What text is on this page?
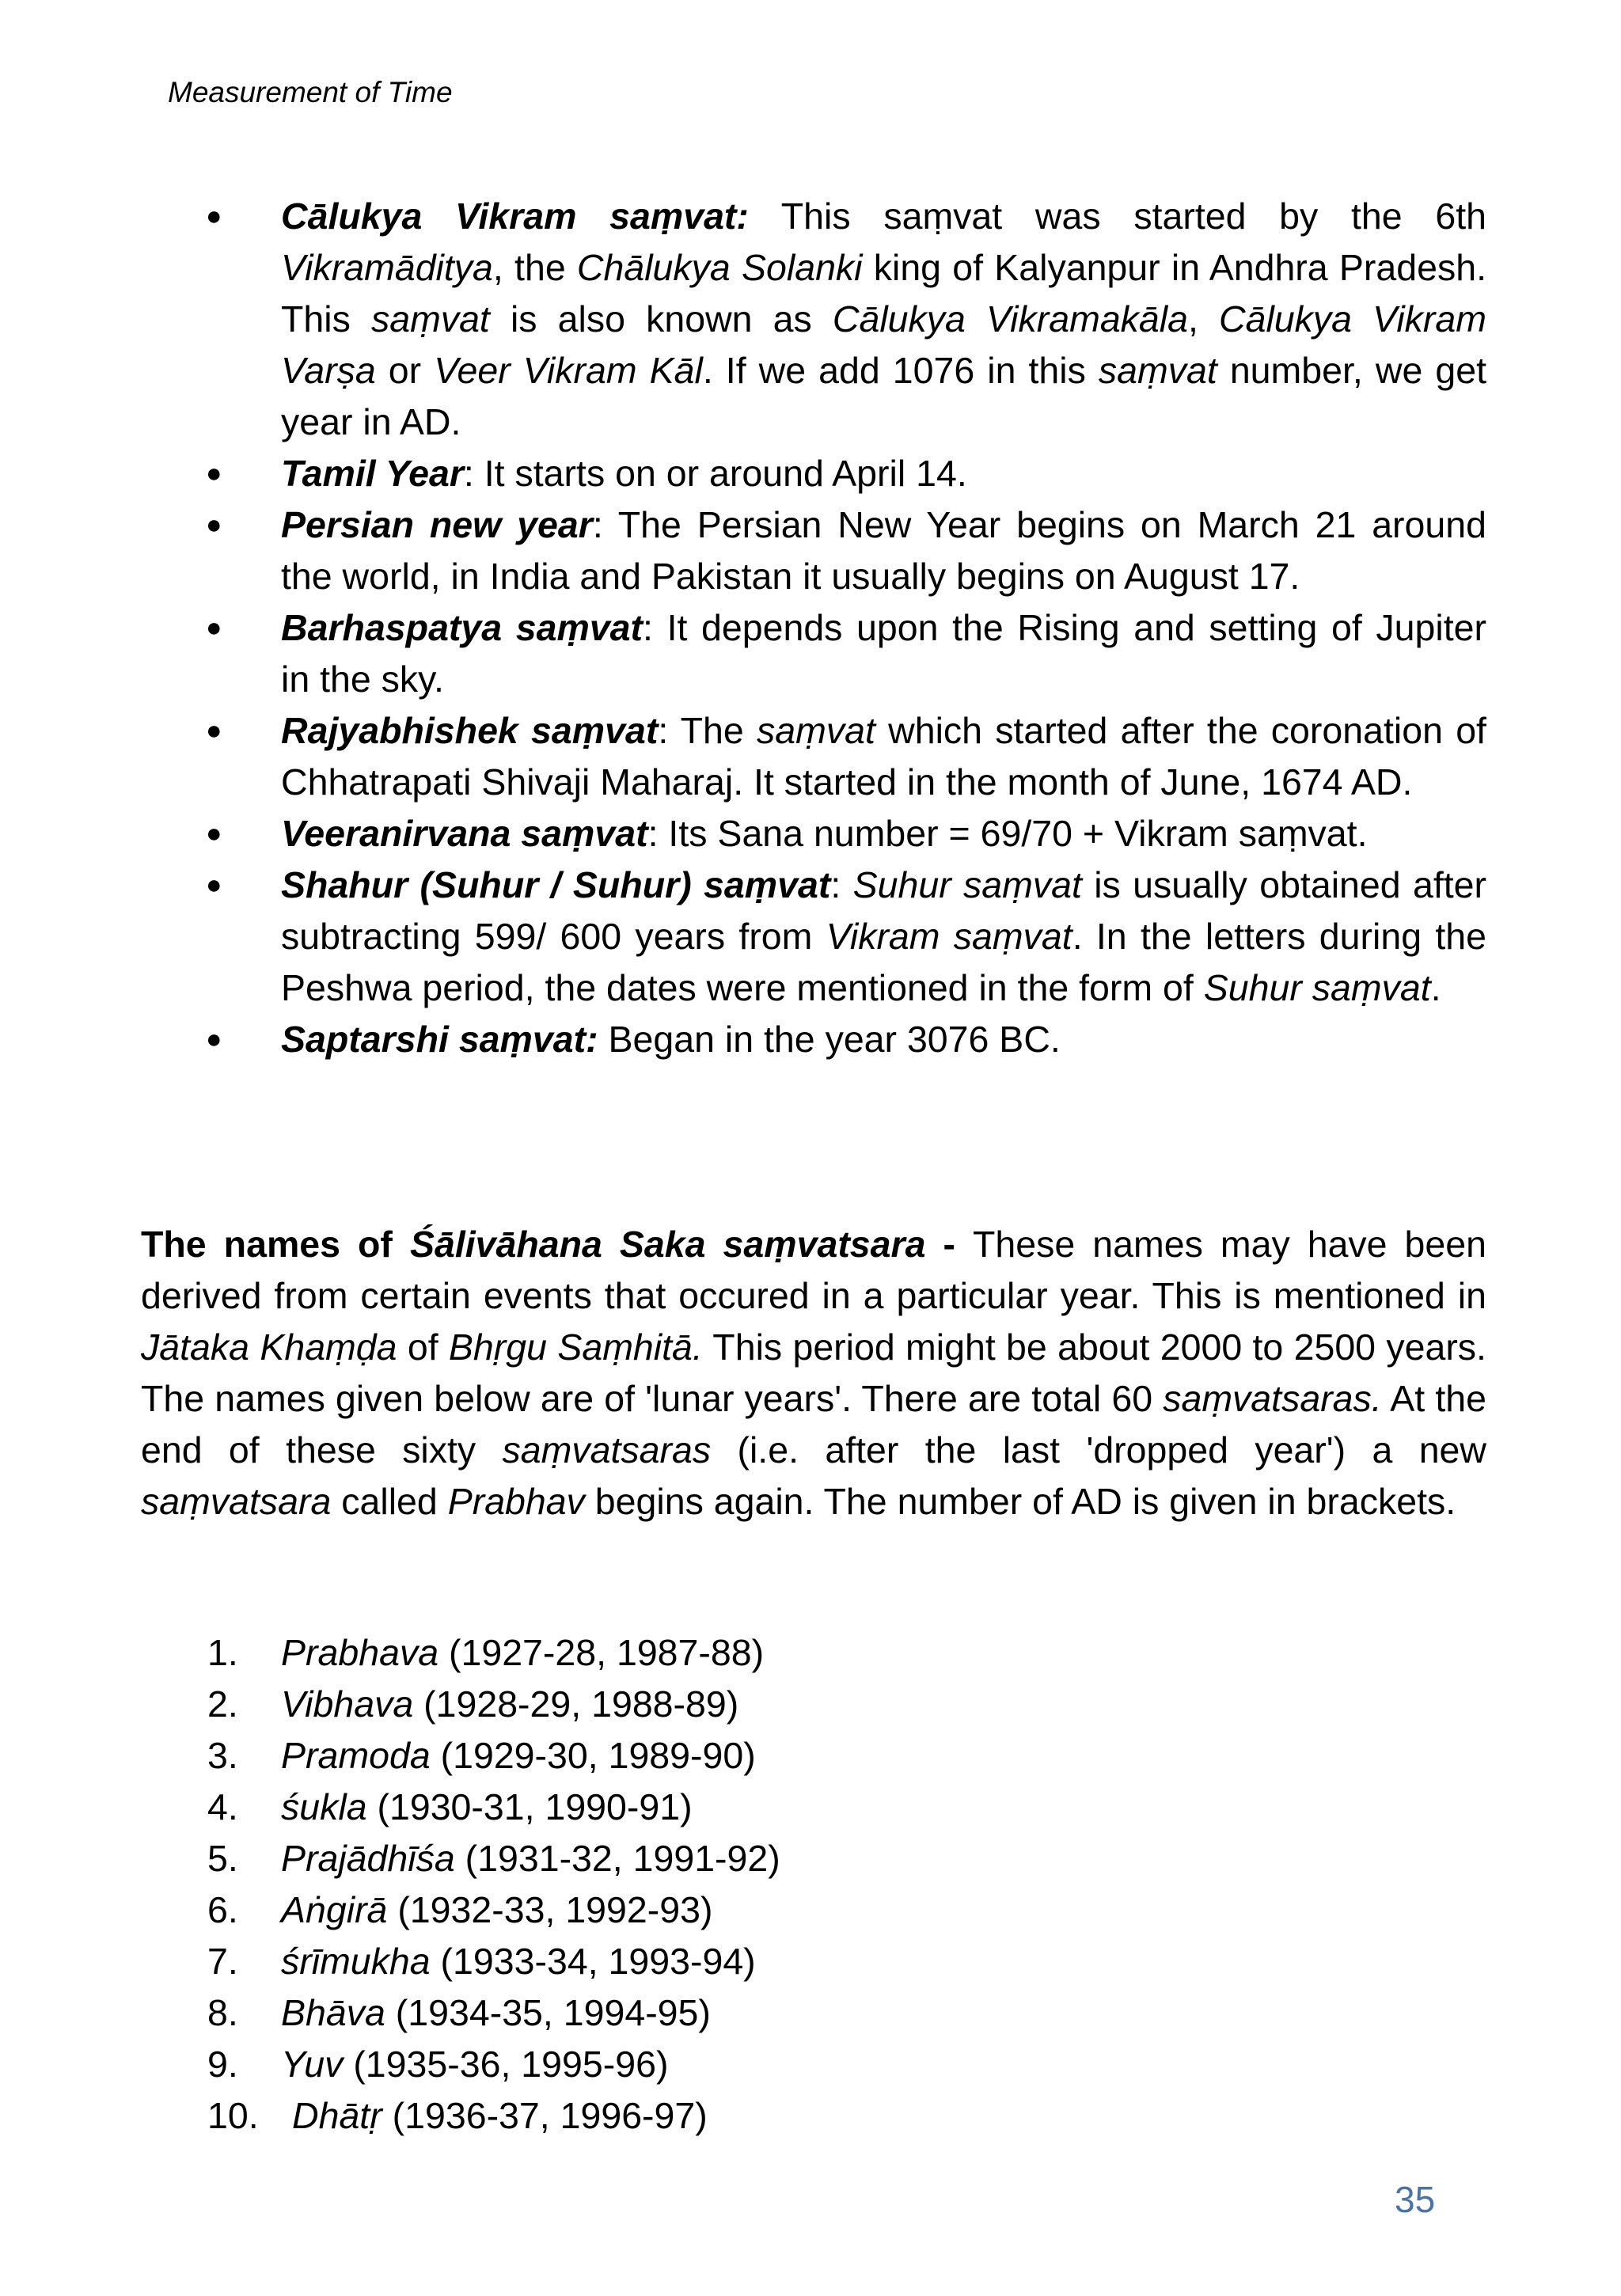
Measurement of Time
● Cālukya Vikram saṃvat: This saṃvat was started by the 6th Vikramāditya, the Chālukya Solanki king of Kalyanpur in Andhra Pradesh. This saṃvat is also known as Cālukya Vikramakāla, Cālukya Vikram Varṣa or Veer Vikram Kāl. If we add 1076 in this saṃvat number, we get year in AD.
● Tamil Year: It starts on or around April 14.
● Persian new year: The Persian New Year begins on March 21 around the world, in India and Pakistan it usually begins on August 17.
● Barhaspatya saṃvat: It depends upon the Rising and setting of Jupiter in the sky.
● Rajyabhishek saṃvat: The saṃvat which started after the coronation of Chhatrapati Shivaji Maharaj. It started in the month of June, 1674 AD.
● Veeranirvana saṃvat: Its Sana number = 69/70 + Vikram saṃvat.
● Shahur (Suhur / Suhur) saṃvat: Suhur saṃvat is usually obtained after subtracting 599/ 600 years from Vikram saṃvat. In the letters during the Peshwa period, the dates were mentioned in the form of Suhur saṃvat.
● Saptarshi saṃvat: Began in the year 3076 BC.

The names of Śālivāhana Saka saṃvatsara - These names may have been derived from certain events that occured in a particular year. This is mentioned in Jātaka Khaṃḍa of Bhṛgu Saṃhitā. This period might be about 2000 to 2500 years. The names given below are of 'lunar years'. There are total 60 saṃvatsaras. At the end of these sixty saṃvatsaras (i.e. after the last 'dropped year') a new saṃvatsara called Prabhav begins again. The number of AD is given in brackets.

1. Prabhava (1927-28, 1987-88)
2. Vibhava (1928-29, 1988-89)
3. Pramoda (1929-30, 1989-90)
4. śukla (1930-31, 1990-91)
5. Prajādhīśa (1931-32, 1991-92)
6. Aṅgirā (1932-33, 1992-93)
7. śrīmukha (1933-34, 1993-94)
8. Bhāva (1934-35, 1994-95)
9. Yuv (1935-36, 1995-96)
10. Dhātṛ (1936-37, 1996-97)
35
